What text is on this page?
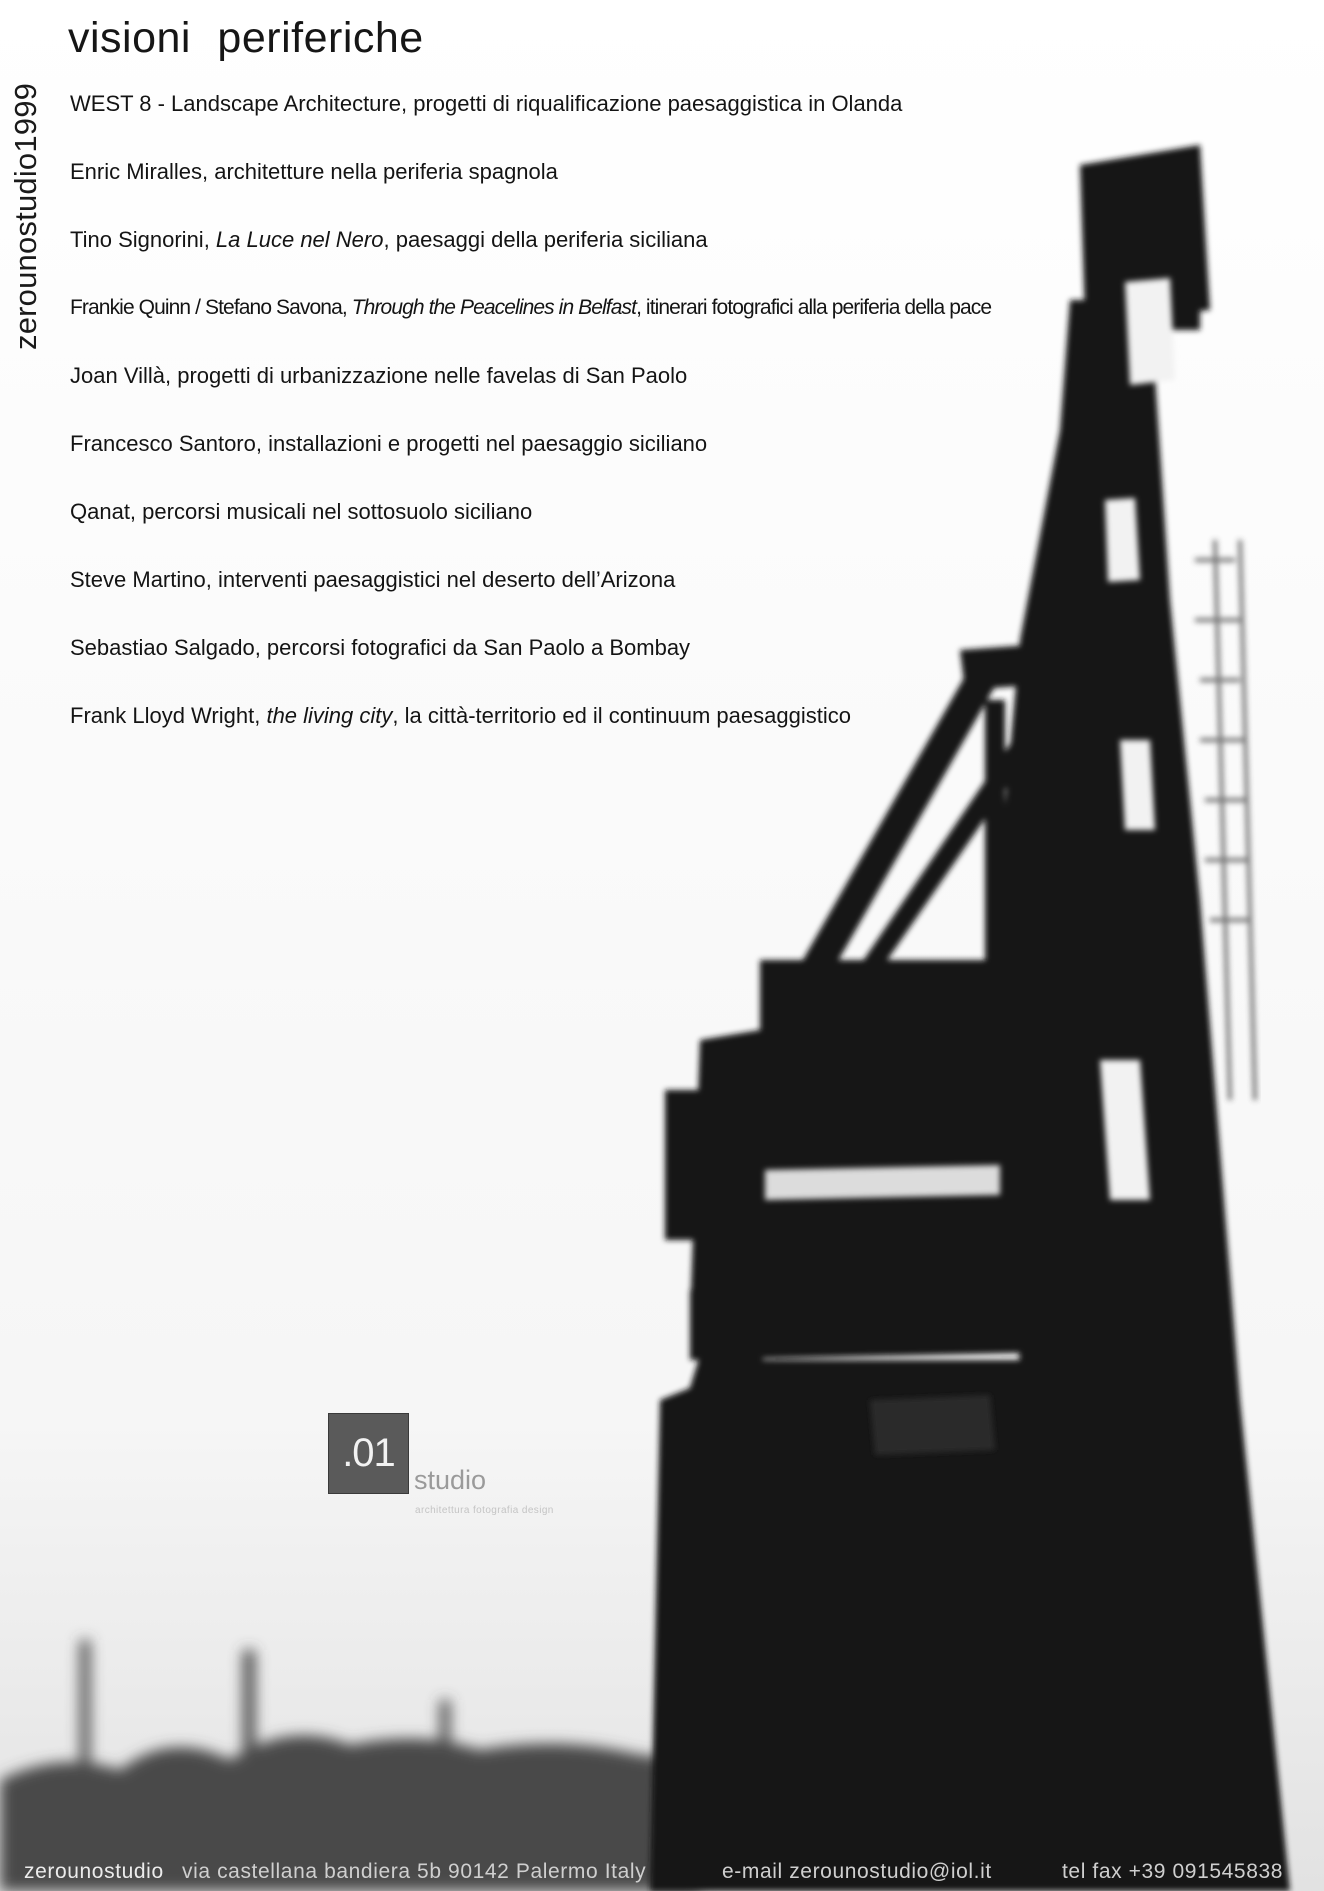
visioni periferiche
zerounostudio1999 WEST 8 - Landscape Architecture, progetti di riqualificazione paesaggistica in Olanda
Enric Miralles, architetture nella periferia spagnola
Tino Signorini, La Luce nel Nero, paesaggi della periferia siciliana
Frankie Quinn / Stefano Savona, Through the Peacelines in Belfast, itinerari fotografici alla periferia della pace
Joan Villà, progetti di urbanizzazione nelle favelas di San Paolo
Francesco Santoro, installazioni e progetti nel paesaggio siciliano
Qanat, percorsi musicali nel sottosuolo siciliano
Steve Martino, interventi paesaggistici nel deserto dell’Arizona
Sebastiao Salgado, percorsi fotografici da San Paolo a Bombay
Frank Lloyd Wright, the living city, la città-territorio ed il continuum paesaggistico
.01
studio
architettura fotografia design
zerounostudio via castellana bandiera 5b 90142 Palermo Italy	e-mail zerounostudio@iol.it	tel fax +39 091545838
